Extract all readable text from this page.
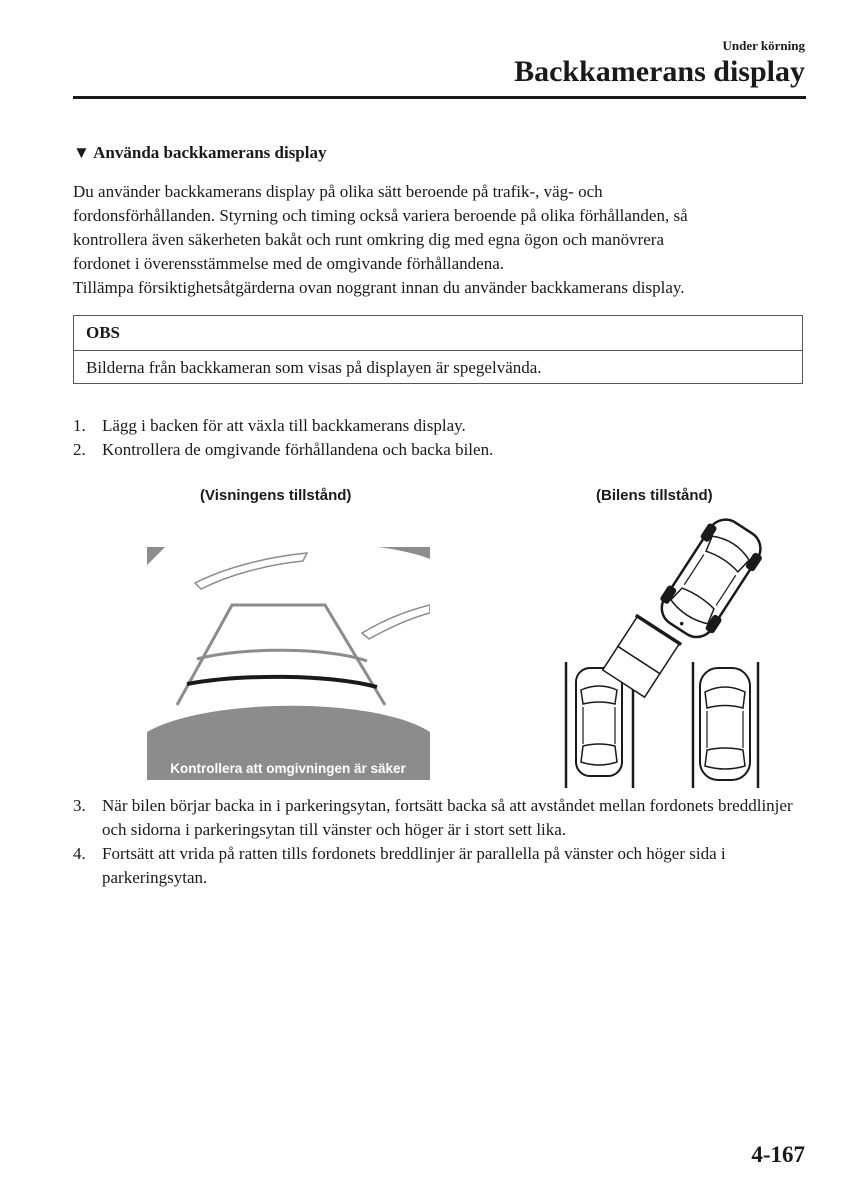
Under körning
Backkamerans display
▼ Använda backkamerans display

Du använder backkamerans display på olika sätt beroende på trafik-, väg- och

fordonsförhållanden. Styrning och timing också variera beroende på olika förhållanden, så

kontrollera även säkerheten bakåt och runt omkring dig med egna ögon och manövrera

fordonet i överensstämmelse med de omgivande förhållandena.

Tillämpa försiktighetsåtgärderna ovan noggrant innan du använder backkamerans display.

OBS
Bilderna från backkameran som visas på displayen är spegelvända.
1. Lägg i backen för att växla till backkamerans display.
2. Kontrollera de omgivande förhållandena och backa bilen.
(Visningens tillstånd)	(Bilens tillstånd)
Kontrollera att omgivningen är säker
3. När bilen börjar backa in i parkeringsytan, fortsätt backa så att avståndet mellan fordonets breddlinjer och sidorna i parkeringsytan till vänster och höger är i stort sett lika.
4. Fortsätt att vrida på ratten tills fordonets breddlinjer är parallella på vänster och höger sida i parkeringsytan.
4-167
